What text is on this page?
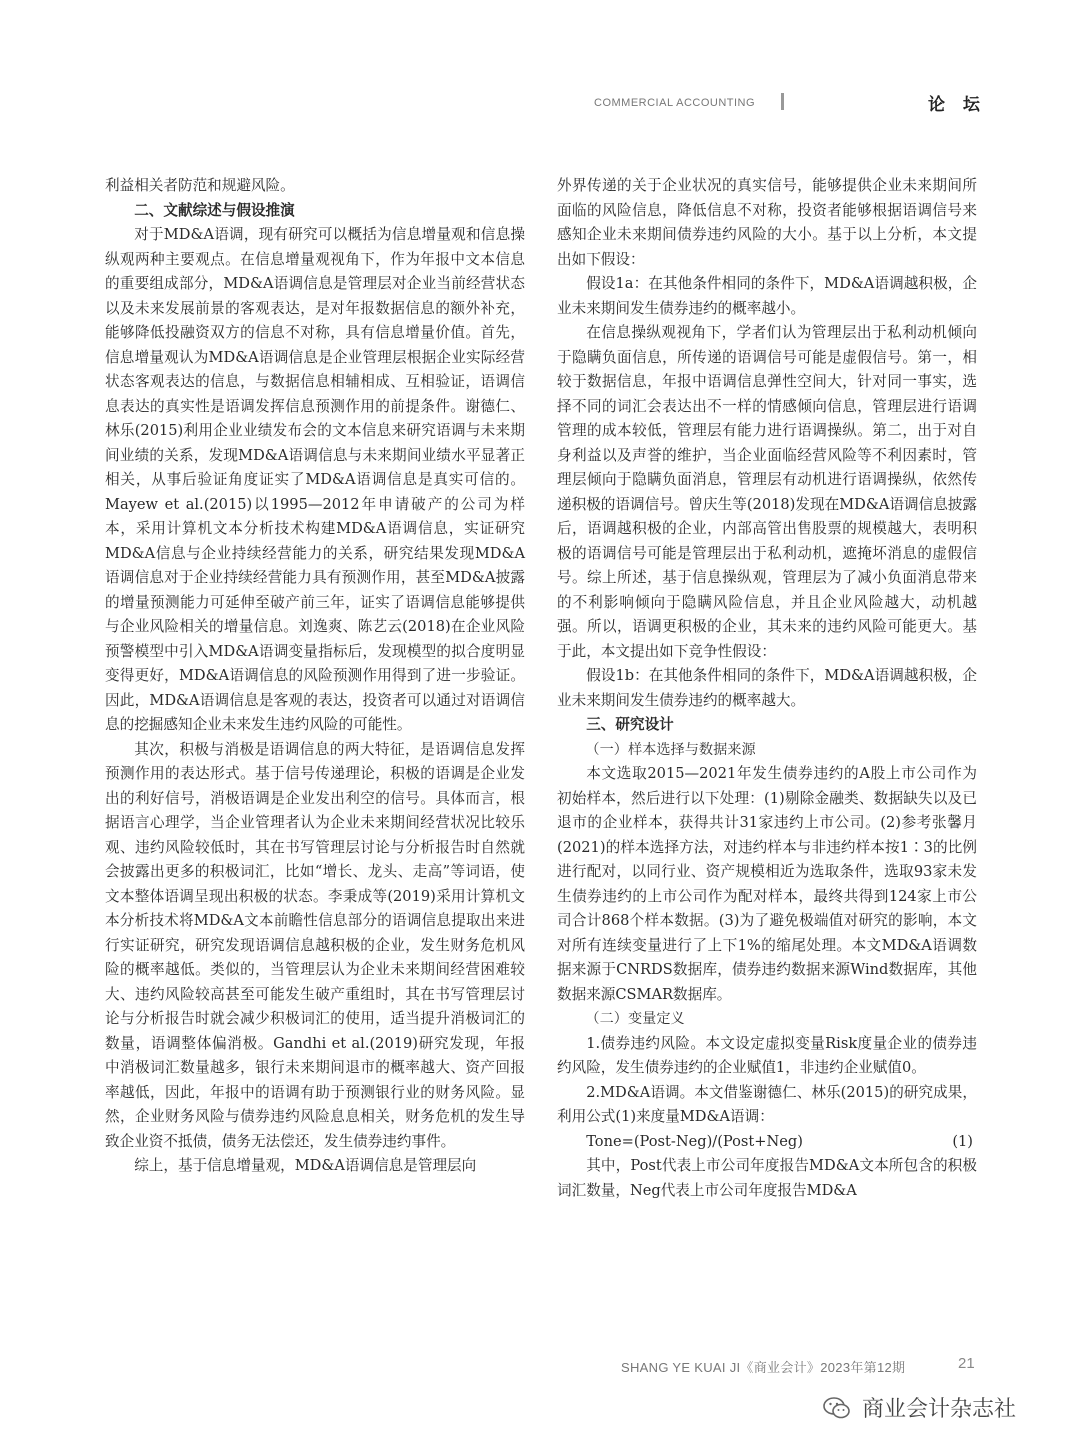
COMMERCIAL ACCOUNTING	论 坛

利益相关者防范和规避风险。

二、文献综述与假设推演

对于MD&A语调，现有研究可以概括为信息增量观和信息操纵观两种主要观点。在信息增量观视角下，作为年报中文本信息的重要组成部分，MD&A语调信息是管理层对企业当前经营状态以及未来发展前景的客观表达，是对年报数据信息的额外补充，能够降低投融资双方的信息不对称，具有信息增量价值。首先，信息增量观认为MD&A语调信息是企业管理层根据企业实际经营状态客观表达的信息，与数据信息相辅相成、互相验证，语调信息表达的真实性是语调发挥信息预测作用的前提条件。谢德仁、林乐(2015)利用企业业绩发布会的文本信息来研究语调与未来期间业绩的关系，发现MD&A语调信息与未来期间业绩水平显著正相关，从事后验证角度证实了MD&A语调信息是真实可信的。Mayew et al.(2015)以1995—2012年申请破产的公司为样本，采用计算机文本分析技术构建MD&A语调信息，实证研究MD&A信息与企业持续经营能力的关系，研究结果发现MD&A语调信息对于企业持续经营能力具有预测作用，甚至MD&A披露的增量预测能力可延伸至破产前三年，证实了语调信息能够提供与企业风险相关的增量信息。刘逸爽、陈艺云(2018)在企业风险预警模型中引入MD&A语调变量指标后，发现模型的拟合度明显变得更好，MD&A语调信息的风险预测作用得到了进一步验证。因此，MD&A语调信息是客观的表达，投资者可以通过对语调信息的挖掘感知企业未来发生违约风险的可能性。

其次，积极与消极是语调信息的两大特征，是语调信息发挥预测作用的表达形式。基于信号传递理论，积极的语调是企业发出的利好信号，消极语调是企业发出利空的信号。具体而言，根据语言心理学，当企业管理者认为企业未来期间经营状况比较乐观、违约风险较低时，其在书写管理层讨论与分析报告时自然就会披露出更多的积极词汇，比如“增长、龙头、走高”等词语，使文本整体语调呈现出积极的状态。李秉成等(2019)采用计算机文本分析技术将MD&A文本前瞻性信息部分的语调信息提取出来进行实证研究，研究发现语调信息越积极的企业，发生财务危机风险的概率越低。类似的，当管理层认为企业未来期间经营困难较大、违约风险较高甚至可能发生破产重组时，其在书写管理层讨论与分析报告时就会减少积极词汇的使用，适当提升消极词汇的数量，语调整体偏消极。Gandhi et al.(2019)研究发现，年报中消极词汇数量越多，银行未来期间退市的概率越大、资产回报率越低，因此，年报中的语调有助于预测银行业的财务风险。显然，企业财务风险与债券违约风险息息相关，财务危机的发生导致企业资不抵债，债务无法偿还，发生债券违约事件。

综上，基于信息增量观，MD&A语调信息是管理层向

外界传递的关于企业状况的真实信号，能够提供企业未来期间所面临的风险信息，降低信息不对称，投资者能够根据语调信号来感知企业未来期间债券违约风险的大小。基于以上分析，本文提出如下假设：

假设1a：在其他条件相同的条件下，MD&A语调越积极，企业未来期间发生债券违约的概率越小。

在信息操纵观视角下，学者们认为管理层出于私利动机倾向于隐瞒负面信息，所传递的语调信号可能是虚假信号。第一，相较于数据信息，年报中语调信息弹性空间大，针对同一事实，选择不同的词汇会表达出不一样的情感倾向信息，管理层进行语调管理的成本较低，管理层有能力进行语调操纵。第二，出于对自身利益以及声誉的维护，当企业面临经营风险等不利因素时，管理层倾向于隐瞒负面消息，管理层有动机进行语调操纵，依然传递积极的语调信号。曾庆生等(2018)发现在MD&A语调信息披露后，语调越积极的企业，内部高管出售股票的规模越大，表明积极的语调信号可能是管理层出于私利动机，遮掩坏消息的虚假信号。综上所述，基于信息操纵观，管理层为了减小负面消息带来的不利影响倾向于隐瞒风险信息，并且企业风险越大，动机越强。所以，语调更积极的企业，其未来的违约风险可能更大。基于此，本文提出如下竞争性假设：

假设1b：在其他条件相同的条件下，MD&A语调越积极，企业未来期间发生债券违约的概率越大。

三、研究设计
（一）样本选择与数据来源

本文选取2015—2021年发生债券违约的A股上市公司作为初始样本，然后进行以下处理：(1)剔除金融类、数据缺失以及已退市的企业样本，获得共计31家违约上市公司。(2)参考张馨月(2021)的样本选择方法，对违约样本与非违约样本按1∶3的比例进行配对，以同行业、资产规模相近为选取条件，选取93家未发生债券违约的上市公司作为配对样本，最终共得到124家上市公司合计868个样本数据。(3)为了避免极端值对研究的影响，本文对所有连续变量进行了上下1%的缩尾处理。本文MD&A语调数据来源于CNRDS数据库，债券违约数据来源Wind数据库，其他数据来源CSMAR数据库。

（二）变量定义

1.债券违约风险。本文设定虚拟变量Risk度量企业的债券违约风险，发生债券违约的企业赋值1，非违约企业赋值0。

2.MD&A语调。本文借鉴谢德仁、林乐(2015)的研究成果，利用公式(1)来度量MD&A语调：

Tone=(Post-Neg)/(Post+Neg)	(1)

其中，Post代表上市公司年度报告MD&A文本所包含的积极词汇数量，Neg代表上市公司年度报告MD&A

SHANG YE KUAI JI《商业会计》2023年第12期	21
商业会计杂志社
